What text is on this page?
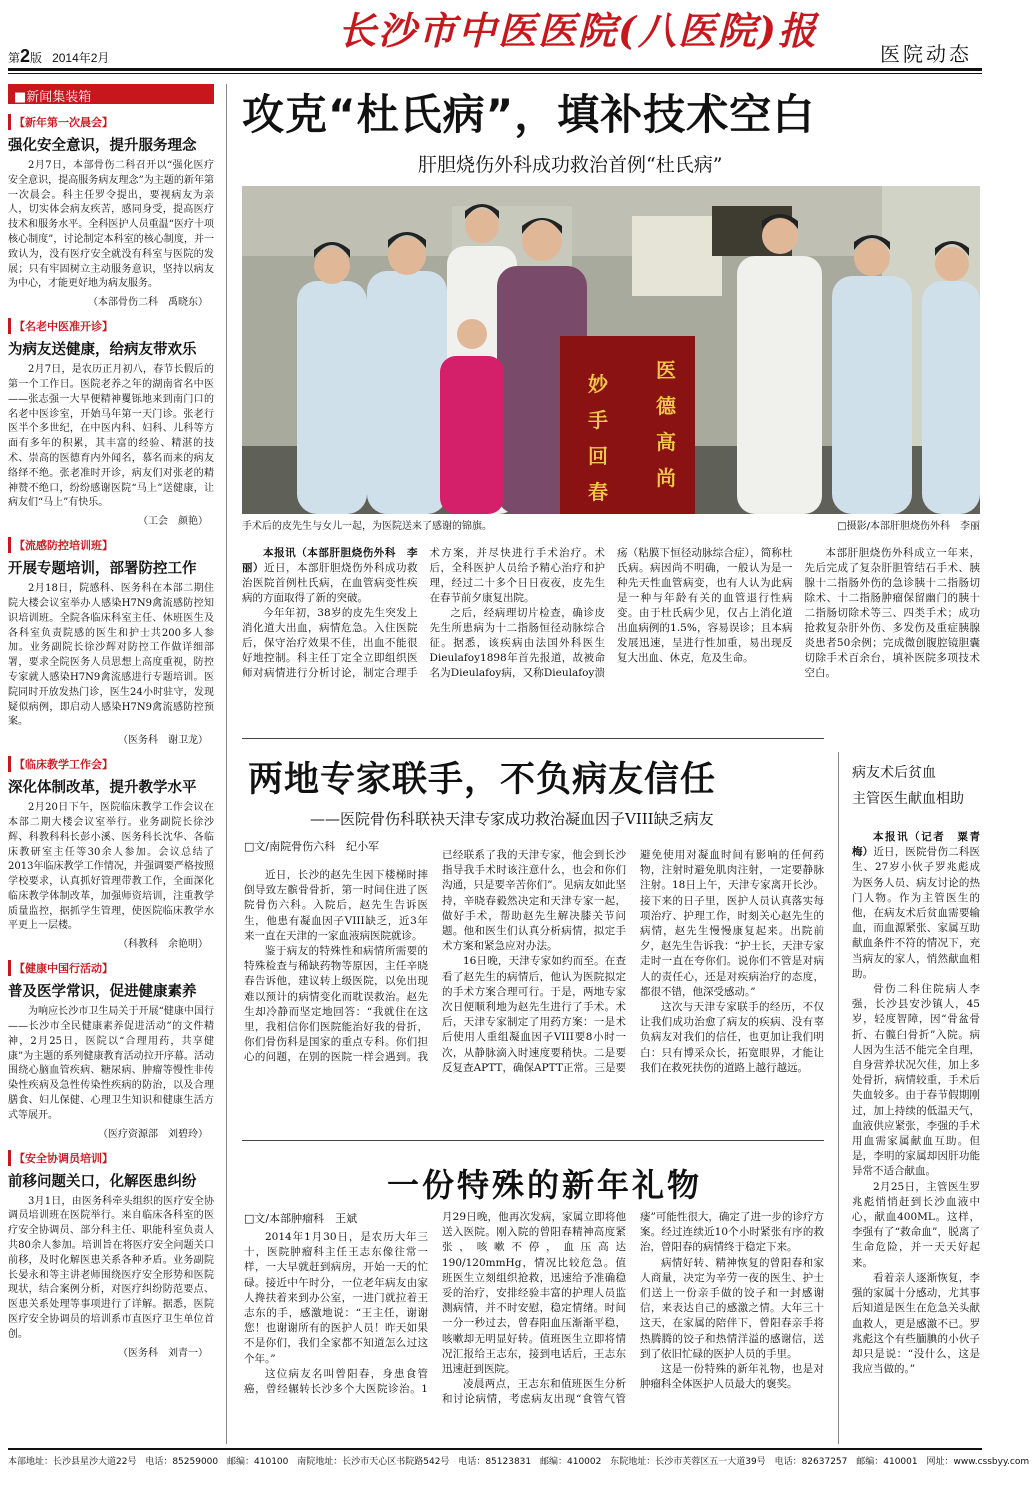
第2版 2014年2月
长沙市中医医院(八医院)报
医院动态
■新闻集装箱
【新年第一次晨会】
强化安全意识，提升服务理念
2月7日，本部骨伤二科召开以“强化医疗安全意识，提高服务病友理念”为主题的新年第一次晨会。科主任罗令提出，要视病友为亲人，切实体会病友疾苦，感同身受，提高医疗技术和服务水平。全科医护人员重温“医疗十项核心制度”，讨论制定本科室的核心制度，并一致认为，没有医疗安全就没有科室与医院的发展；只有牢固树立主动服务意识，坚持以病友为中心，才能更好地为病友服务。
（本部骨伤二科　禹晓东）
【名老中医准开诊】
为病友送健康，给病友带欢乐
2月7日，是农历正月初八，春节长假后的第一个工作日。医院老养之年的湖南省名中医——张志强一大早便精神矍铄地来到南门口的名老中医诊室，开始马年第一天门诊。张老行医半个多世纪，在中医内科、妇科、儿科等方面有多年的积累，其丰富的经验、精湛的技术、崇高的医德育内外闻名，慕名而来的病友络绎不绝。张老准时开诊，病友们对张老的精神赞不绝口，纷纷感谢医院“马上”送健康，让病友们“马上”有快乐。
（工会　颜艳）
【流感防控培训班】
开展专题培训，部署防控工作
2月18日，院感科、医务科在本部二期住院大楼会议室举办人感染H7N9禽流感防控知识培训班。全院各临床科室主任、休班医生及各科室负责院感的医生和护士共200多人参加。业务副院长徐沙辉对防控工作做详细部署，要求全院医务人员思想上高度重视，防控专家就人感染H7N9禽流感进行专题培训。医院同时开放发热门诊，医生24小时驻守，发现疑似病例，即启动人感染H7N9禽流感防控预案。
（医务科　谢卫龙）
【临床教学工作会】
深化体制改革，提升教学水平
2月20日下午，医院临床教学工作会议在本部二期大楼会议室举行。业务副院长徐沙辉、科教科科长彭小溪、医务科长沈华、各临床教研室主任等30余人参加。会议总结了2013年临床教学工作情况，并强调要严格按照学校要求，认真抓好管理带教工作，全面深化临床教学体制改革，加强师资培训，注重教学质量监控，据抓学生管理，使医院临床教学水平更上一层楼。
（科教科　余艳明）
【健康中国行活动】
普及医学常识，促进健康素养
为响应长沙市卫生局关于开展“健康中国行——长沙市全民健康素养促进活动”的文件精神，2月25日，医院以“合理用药，共享健康”为主题的系列健康教育活动拉开序幕。活动围绕心脑血管疾病、糖尿病、肿瘤等慢性非传染性疾病及急性传染性疾病的防治，以及合理膳食、妇儿保健、心理卫生知识和健康生活方式等展开。
（医疗资源部　刘碧玲）
【安全协调员培训】
前移问题关口，化解医患纠纷
3月1日，由医务科牵头组织的医疗安全协调员培训班在医院举行。来自临床各科室的医疗安全协调员、部分科主任、职能科室负责人共80余人参加。培训旨在将医疗安全问题关口前移，及时化解医患关系各种矛盾。业务副院长晏永和等主讲老师围绕医疗安全形势和医院现状，结合案例分析，对医疗纠纷防范要点、医患关系处理等事项进行了详解。据悉，医院医疗安全协调员的培训系市直医疗卫生单位首创。
（医务科　刘青一）
攻克“杜氏病”，填补技术空白
肝胆烧伤外科成功救治首例“杜氏病”
医德高尚
妙手回春
手术后的皮先生与女儿一起，为医院送来了感谢的锦旗。	□摄影/本部肝胆烧伤外科　李丽

本报讯（本部肝胆烧伤外科　李丽）近日，本部肝胆烧伤外科成功救治医院首例杜氏病，在血管病变性疾病的方面取得了新的突破。

今年年初，38岁的皮先生突发上消化道大出血，病情危急。入住医院后，保守治疗效果不佳，出血不能很好地控制。科主任丁定全立即组织医师对病情进行分析讨论，制定合理手术方案，并尽快进行手术治疗。术后，全科医护人员给予精心治疗和护理，经过二十多个日日夜夜，皮先生在春节前夕康复出院。

之后，经病理切片检查，确诊皮先生所患病为十二指肠恒径动脉综合征。据悉，该疾病由法国外科医生Dieulafoy1898年首先报道，故被命名为Dieulafoy病，又称Dieulafoy溃疡（粘膜下恒径动脉综合症），简称杜氏病。病因尚不明确，一般认为是一种先天性血管病变，也有人认为此病是一种与年龄有关的血管退行性病变。由于杜氏病少见，仅占上消化道出血病例的1.5%，容易误诊；且本病发展迅速，呈进行性加重，易出现反复大出血、休克，危及生命。

本部肝胆烧伤外科成立一年来，先后完成了复杂肝胆管结石手术、胰腺十二指肠外伤的急诊胰十二指肠切除术、十二指肠肿瘤保留幽门的胰十二指肠切除术等三、四类手术；成功抢救复杂肝外伤、多发伤及重症胰腺炎患者50余例；完成微创腹腔镜胆囊切除手术百余台，填补医院多项技术空白。

两地专家联手，不负病友信任
——医院骨伤科联袂天津专家成功救治凝血因子VIII缺乏病友
□文/南院骨伤六科　纪小军

近日，长沙的赵先生因下楼梯时摔倒导致左髌骨骨折，第一时间住进了医院骨伤六科。入院后，赵先生告诉医生，他患有凝血因子VIII缺乏，近3年来一直在天津的一家血液病医院就诊。

鉴于病友的特殊性和病情所需要的特殊检查与稀缺药物等原因，主任辛晓春告诉他，建议转上级医院，以免出现难以预计的病情变化而耽误救治。赵先生却冷静而坚定地回答：“我就住在这里，我相信你们医院能治好我的骨折，你们骨伤科是国家的重点专科。你们担心的问题，在别的医院一样会遇到。我已经联系了我的天津专家，他会到长沙指导我手术时该注意什么，也会和你们沟通，只是要辛苦你们”。见病友如此坚持，辛晓春毅然决定和天津专家一起，做好手术，帮助赵先生解决膝关节问题。他和医生们认真分析病情，拟定手术方案和紧急应对办法。

16日晚，天津专家如约而至。在查看了赵先生的病情后，他认为医院拟定的手术方案合理可行。于是，两地专家次日便顺利地为赵先生进行了手术。术后，天津专家制定了用药方案：一是术后使用人重组凝血因子VIII要8小时一次，从静脉滴入时速度要稍快。二是要反复查APTT，确保APTT正常。三是要避免使用对凝血时间有影响的任何药物，注射时避免肌肉注射，一定要静脉注射。18日上午，天津专家离开长沙。接下来的日子里，医护人员认真落实每项治疗、护理工作，时刻关心赵先生的病情，赵先生慢慢康复起来。出院前夕，赵先生告诉我：“护士长，天津专家走时一直在夸你们。说你们不管是对病人的责任心，还是对疾病治疗的态度，都很不错，他深受感动。”

这次与天津专家联手的经历，不仅让我们成功治愈了病友的疾病、没有辜负病友对我们的信任，也更加让我们明白：只有博采众长，拓宽眼界，才能让我们在救死扶伤的道路上越行越远。

一份特殊的新年礼物
□文/本部肿瘤科　王斌

2014年1月30日，是农历大年三十，医院肿瘤科主任王志东像往常一样，一大早就赶到病房，开始一天的忙碌。接近中午时分，一位老年病友由家人搀扶着来到办公室，一进门就拉着王志东的手，感激地说：“王主任，谢谢您！也谢谢所有的医护人员！昨天如果不是你们，我们全家都不知道怎么过这个年。”

这位病友名叫曾阳春，身患食管癌，曾经辗转长沙多个大医院诊治。1月29日晚，他再次发病，家属立即将他送入医院。刚入院的曾阳春精神高度紧张，咳嗽不停，血压高达190/120mmHg，情况比较危急。值班医生立刻组织抢救，迅速给予准确稳妥的治疗，安排经验丰富的护理人员监测病情，并不时安慰，稳定情绪。时间一分一秒过去，曾春阳血压渐渐平稳，咳嗽却无明显好转。值班医生立即将情况汇报给王志东，接到电话后，王志东迅速赶到医院。

凌晨两点，王志东和值班医生分析和讨论病情，考虑病友出现“食管气管瘘”可能性很大，确定了进一步的诊疗方案。经过连续近10个小时紧张有序的救治，曾阳春的病情终于稳定下来。

病情好转、精神恢复的曾阳春和家人商量，决定为辛劳一夜的医生、护士们送上一份亲手做的饺子和一封感谢信，来表达自己的感激之情。大年三十这天，在家属的陪伴下，曾阳春亲手将热腾腾的饺子和热情洋溢的感谢信，送到了依旧忙碌的医护人员的手里。

这是一份特殊的新年礼物，也是对肿瘤科全体医护人员最大的褒奖。

病友术后贫血
主管医生献血相助

本报讯（记者　粟青梅）近日，医院骨伤二科医生、27岁小伙子罗兆彪成为医务人员、病友讨论的热门人物。作为主管医生的他，在病友术后贫血需要输血，而血源紧张、家属互助献血条件不符的情况下，充当病友的家人，悄然献血相助。

骨伤二科住院病人李强，长沙县安沙镇人，45岁，轻度智障，因“骨盆骨折、右髋臼骨折”入院。病人因为生活不能完全自理，自身营养状况欠佳，加上多处骨折，病情较重，手术后失血较多。由于春节假期刚过，加上持续的低温天气，血液供应紧张，李强的手术用血需家属献血互助。但是，李明的家属却因肝功能异常不适合献血。

2月25日，主管医生罗兆彪悄悄赶到长沙血液中心，献血400ML。这样，李强有了“救命血”，脱离了生命危险，并一天天好起来。

看着亲人逐渐恢复，李强的家属十分感动，尤其事后知道是医生在危急关头献血救人，更是感激不已。罗兆彪这个有些腼腆的小伙子却只是说：“没什么，这是我应当做的。”

本部地址：长沙县星沙大道22号 电话：85259000 邮编：410100 南院地址：长沙市天心区书院路542号 电话：85123831 邮编：410002 东院地址：长沙市芙蓉区五一大道39号 电话：82637257 邮编：410001 网址：www.cssbyy.com
